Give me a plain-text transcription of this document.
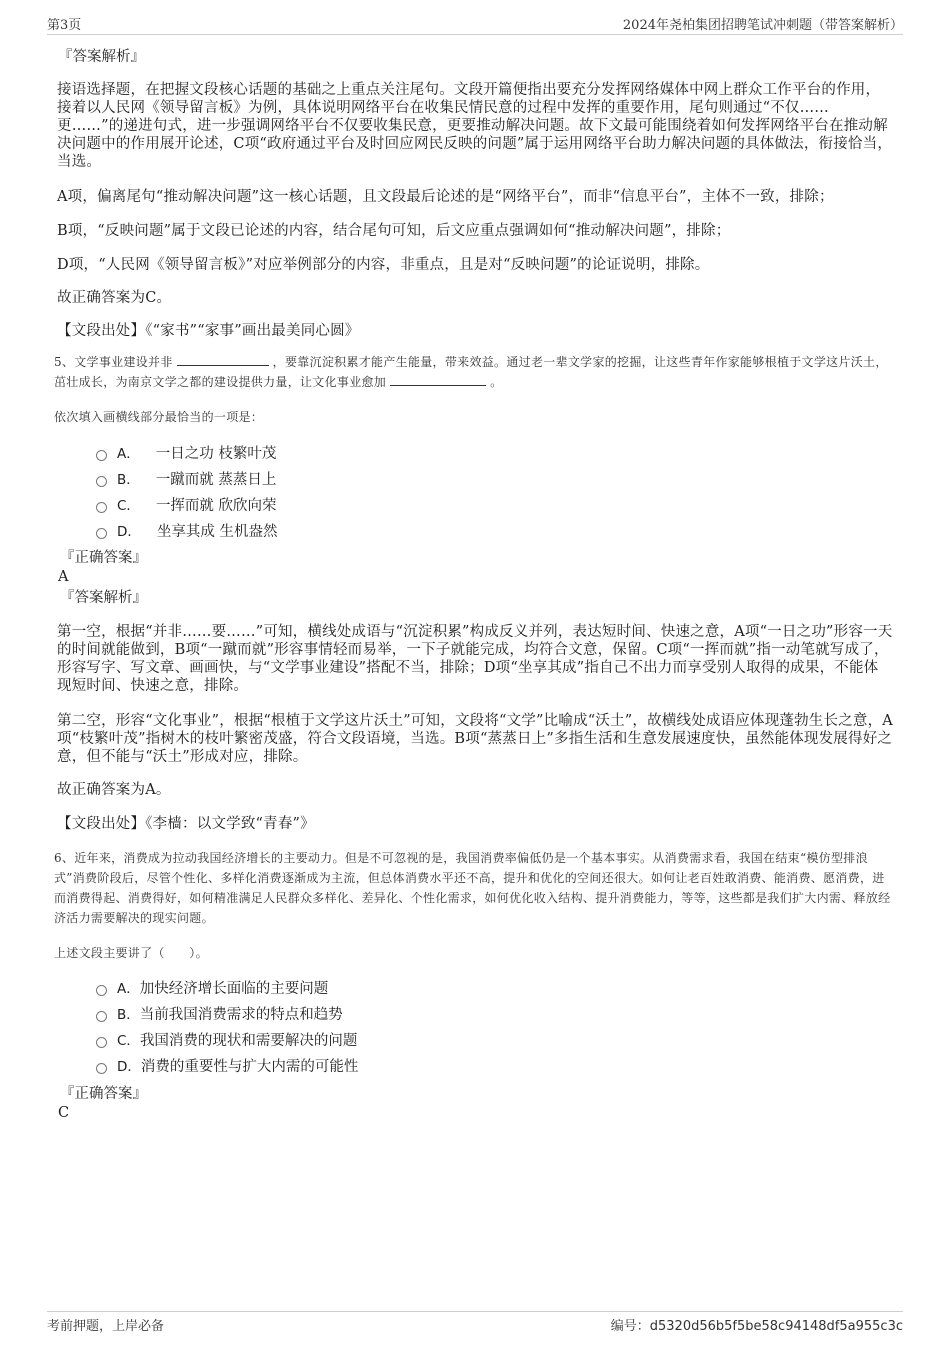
第3页	2024年尧柏集团招聘笔试冲刺题（带答案解析）
『答案解析』

接语选择题，在把握文段核心话题的基础之上重点关注尾句。文段开篇便指出要充分发挥网络媒体中网上群众工作平台的作用，接着以人民网《领导留言板》为例，具体说明网络平台在收集民情民意的过程中发挥的重要作用，尾句则通过“不仅……更……”的递进句式，进一步强调网络平台不仅要收集民意，更要推动解决问题。故下文最可能围绕着如何发挥网络平台在推动解决问题中的作用展开论述，C项“政府通过平台及时回应网民反映的问题”属于运用网络平台助力解决问题的具体做法，衔接恰当，当选。

A项，偏离尾句“推动解决问题”这一核心话题，且文段最后论述的是“网络平台”，而非“信息平台”，主体不一致，排除；

B项，“反映问题”属于文段已论述的内容，结合尾句可知，后文应重点强调如何“推动解决问题”，排除；

D项，“人民网《领导留言板》”对应举例部分的内容，非重点，且是对“反映问题”的论证说明，排除。

故正确答案为C。

【文段出处】《“家书”“家事”画出最美同心圆》

5、文学事业建设并非	，要靠沉淀积累才能产生能量，带来效益。通过老一辈文学家的挖掘，让这些青年作家能够根植于文学这片沃土，茁壮成长，为南京文学之都的建设提供力量，让文化事业愈加	。

依次填入画横线部分最恰当的一项是：

A． 一日之功 枝繁叶茂
B． 一蹴而就 蒸蒸日上
C． 一挥而就 欣欣向荣
D． 坐享其成 生机盎然
『正确答案』
A
『答案解析』

第一空，根据“并非……要……”可知，横线处成语与“沉淀积累”构成反义并列，表达短时间、快速之意，A项“一日之功”形容一天的时间就能做到，B项“一蹴而就”形容事情轻而易举，一下子就能完成，均符合文意，保留。C项“一挥而就”指一动笔就写成了，形容写字、写文章、画画快，与“文学事业建设”搭配不当，排除；D项“坐享其成”指自己不出力而享受别人取得的成果，不能体现短时间、快速之意，排除。

第二空，形容“文化事业”，根据“根植于文学这片沃土”可知，文段将“文学”比喻成“沃土”，故横线处成语应体现蓬勃生长之意，A项“枝繁叶茂”指树木的枝叶繁密茂盛，符合文段语境，当选。B项“蒸蒸日上”多指生活和生意发展速度快，虽然能体现发展得好之意，但不能与“沃土”形成对应，排除。

故正确答案为A。

【文段出处】《李樯：以文学致“青春”》

6、近年来，消费成为拉动我国经济增长的主要动力。但是不可忽视的是，我国消费率偏低仍是一个基本事实。从消费需求看，我国在结束“模仿型排浪式”消费阶段后，尽管个性化、多样化消费逐渐成为主流，但总体消费水平还不高，提升和优化的空间还很大。如何让老百姓敢消费、能消费、愿消费，进而消费得起、消费得好，如何精准满足人民群众多样化、差异化、个性化需求，如何优化收入结构、提升消费能力，等等，这些都是我们扩大内需、释放经济活力需要解决的现实问题。

上述文段主要讲了（　　）。

A． 加快经济增长面临的主要问题
B． 当前我国消费需求的特点和趋势
C． 我国消费的现状和需要解决的问题
D． 消费的重要性与扩大内需的可能性
『正确答案』
C
考前押题，上岸必备	编号：d5320d56b5f5be58c94148df5a955c3c
